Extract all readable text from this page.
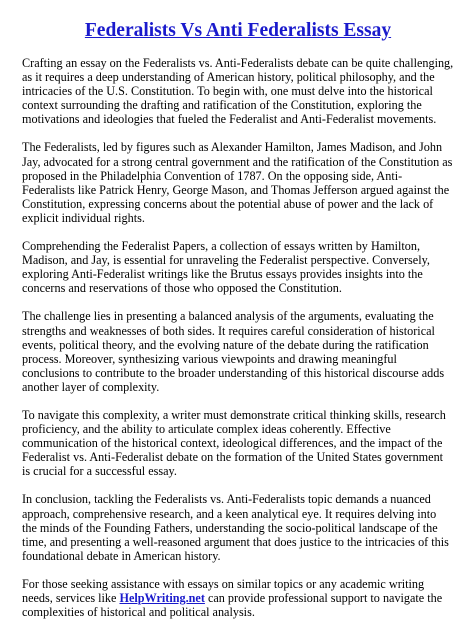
Federalists Vs Anti Federalists Essay

Crafting an essay on the Federalists vs. Anti-Federalists debate can be quite challenging, as it requires a deep understanding of American history, political philosophy, and the intricacies of the U.S. Constitution. To begin with, one must delve into the historical context surrounding the drafting and ratification of the Constitution, exploring the motivations and ideologies that fueled the Federalist and Anti-Federalist movements.

The Federalists, led by figures such as Alexander Hamilton, James Madison, and John Jay, advocated for a strong central government and the ratification of the Constitution as proposed in the Philadelphia Convention of 1787. On the opposing side, Anti-Federalists like Patrick Henry, George Mason, and Thomas Jefferson argued against the Constitution, expressing concerns about the potential abuse of power and the lack of explicit individual rights.

Comprehending the Federalist Papers, a collection of essays written by Hamilton, Madison, and Jay, is essential for unraveling the Federalist perspective. Conversely, exploring Anti-Federalist writings like the Brutus essays provides insights into the concerns and reservations of those who opposed the Constitution.

The challenge lies in presenting a balanced analysis of the arguments, evaluating the strengths and weaknesses of both sides. It requires careful consideration of historical events, political theory, and the evolving nature of the debate during the ratification process. Moreover, synthesizing various viewpoints and drawing meaningful conclusions to contribute to the broader understanding of this historical discourse adds another layer of complexity.

To navigate this complexity, a writer must demonstrate critical thinking skills, research proficiency, and the ability to articulate complex ideas coherently. Effective communication of the historical context, ideological differences, and the impact of the Federalist vs. Anti-Federalist debate on the formation of the United States government is crucial for a successful essay.

In conclusion, tackling the Federalists vs. Anti-Federalists topic demands a nuanced approach, comprehensive research, and a keen analytical eye. It requires delving into the minds of the Founding Fathers, understanding the socio-political landscape of the time, and presenting a well-reasoned argument that does justice to the intricacies of this foundational debate in American history.

For those seeking assistance with essays on similar topics or any academic writing needs, services like HelpWriting.net can provide professional support to navigate the complexities of historical and political analysis.
